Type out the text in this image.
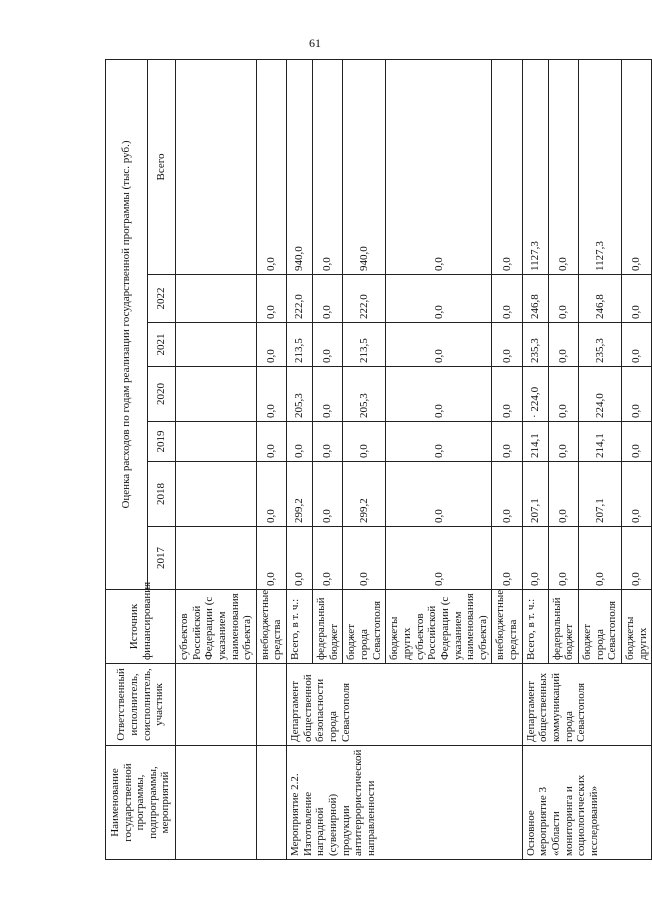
61
Наименование государственной программы, подпрограммы, мероприятий	Ответственный исполнитель, соисполнитель, участник	Источник финансирования	Оценка расходов по годам реализации государственной программы (тыс. руб.)						
			2017	2018	2019	2020	2021	2022	Всего
		субъектов Российской Федерации (с указанием наименования субъекта)							
		внебюджетные средства	0,0	0,0	0,0	0,0	0,0	0,0	0,0
Мероприятие 2.2. Изготовление наградной (сувенирной) продукции антитеррористической направленности	Департамент общественной безопасности города Севастополя	Всего, в т. ч.:	0,0	299,2	0,0	205,3	213,5	222,0	940,0
		федеральный бюджет	0,0	0,0	0,0	0,0	0,0	0,0	0,0
		бюджет города Севастополя	0,0	299,2	0,0	205,3	213,5	222,0	940,0
		бюджеты других субъектов Российской Федерации (с указанием наименования субъекта)	0,0	0,0	0,0	0,0	0,0	0,0	0,0
		внебюджетные средства	0,0	0,0	0,0	0,0	0,0	0,0	0,0
Основное мероприятие 3 «Области мониторинга и социологических исследований»	Департамент общественных коммуникаций города Севастополя	Всего, в т. ч.:	0,0	207,1	214,1	· 224,0	235,3	246,8	1127,3
		федеральный бюджет	0,0	0,0	0,0	0,0	0,0	0,0	0,0
		бюджет города Севастополя	0,0	207,1	214,1	224,0	235,3	246,8	1127,3
		бюджеты других	0,0	0,0	0,0	0,0	0,0	0,0	0,0
